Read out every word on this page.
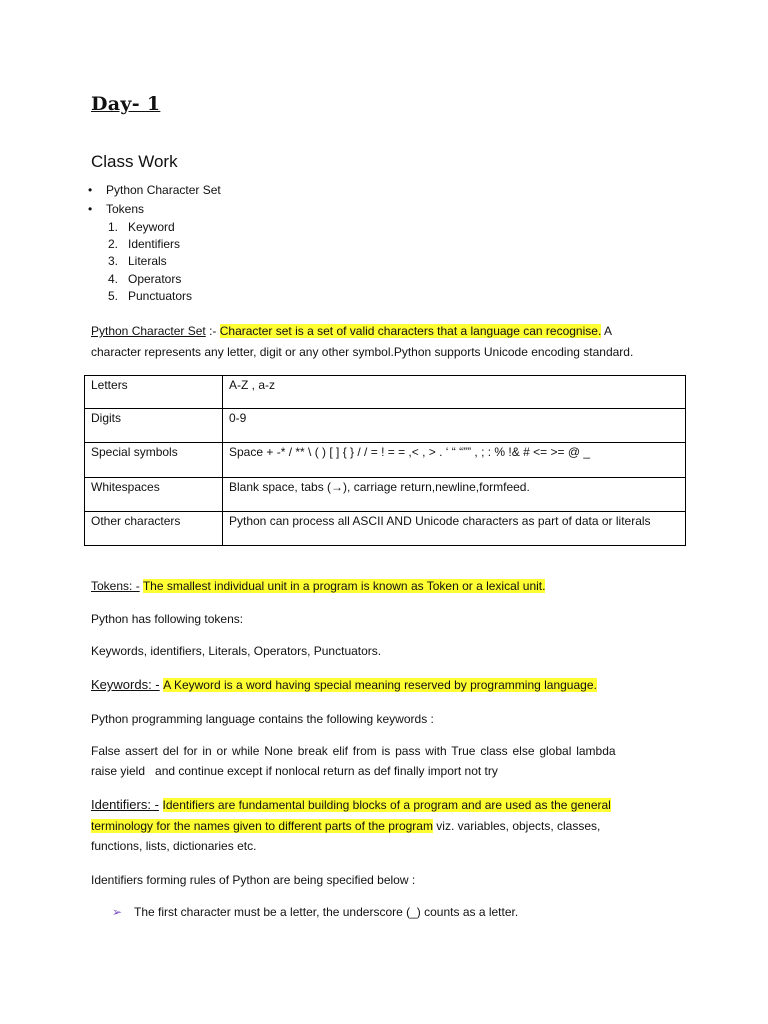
Day- 1
Class Work
• Python Character Set
• Tokens
1. Keyword
2. Identifiers
3. Literals
4. Operators
5. Punctuators
Python Character Set :- Character set is a set of valid characters that a language can recognise. A
character represents any letter, digit or any other symbol.Python supports Unicode encoding standard.
Letters	A-Z , a-z
Digits	0-9
Special symbols	Space + -* / ** \ ( ) [ ] { } / / = ! = = ,< , > . ‘ “ “”” , ; : % !& # <= >= @ _
Whitespaces	Blank space, tabs (→), carriage return,newline,formfeed.
Other characters	Python can process all ASCII AND Unicode characters as part of data or literals
Tokens: - The smallest individual unit in a program is known as Token or a lexical unit.
Python has following tokens:
Keywords, identifiers, Literals, Operators, Punctuators.
Keywords: - A Keyword is a word having special meaning reserved by programming language.
Python programming language contains the following keywords :
False assert del for in or while None break elif from is pass with True class else global lambda
raise yield   and continue except if nonlocal return as def finally import not try
Identifiers: - Identifiers are fundamental building blocks of a program and are used as the general
terminology for the names given to different parts of the program viz. variables, objects, classes,
functions, lists, dictionaries etc.
Identifiers forming rules of Python are being specified below :
➢ The first character must be a letter, the underscore (_) counts as a letter.
